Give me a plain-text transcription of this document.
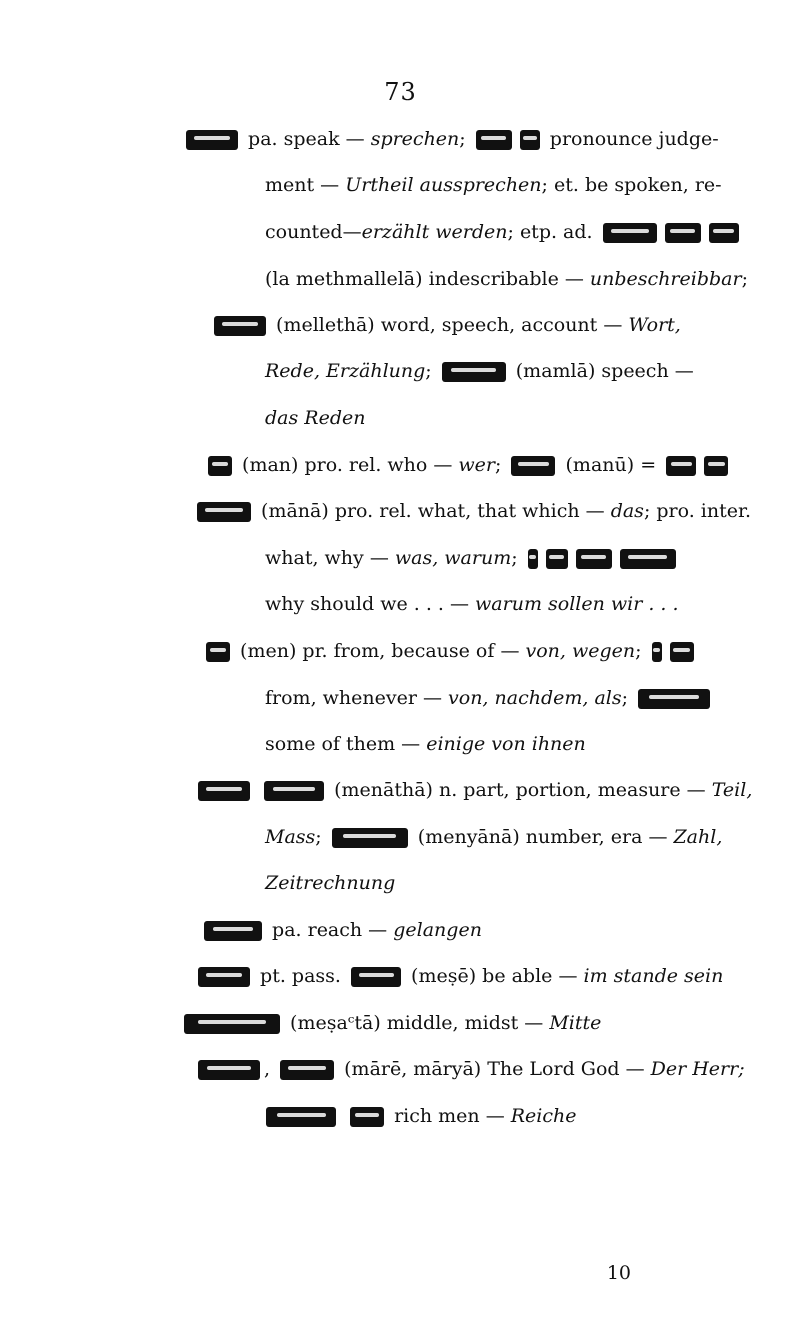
73
pa. speak — sprechen;	pronounce judge-
ment — Urtheil aussprechen; et. be spoken, re-
counted—erzählt werden; etp. ad.
(la methmallelā) indescribable — unbeschreibbar;
(mellethā) word, speech, account — Wort,
Rede, Erzählung;	(mamlā) speech —
das Reden
(man) pro. rel. who — wer;	(manū) =
(mānā) pro. rel. what, that which — das; pro. inter.
what, why — was, warum;
why should we . . . — warum sollen wir . . .
(men) pr. from, because of — von, wegen;
from, whenever — von, nachdem, als;
some of them — einige von ihnen
(menāthā) n. part, portion, measure — Teil,
Mass;	(menyānā) number, era — Zahl,
Zeitrechnung
pa. reach — gelangen
pt. pass.	(meṣē) be able — im stande sein
(meṣaᶜtā) middle, midst — Mitte
,	(mārē, māryā) The Lord God — Der Herr;
rich men — Reiche
10
